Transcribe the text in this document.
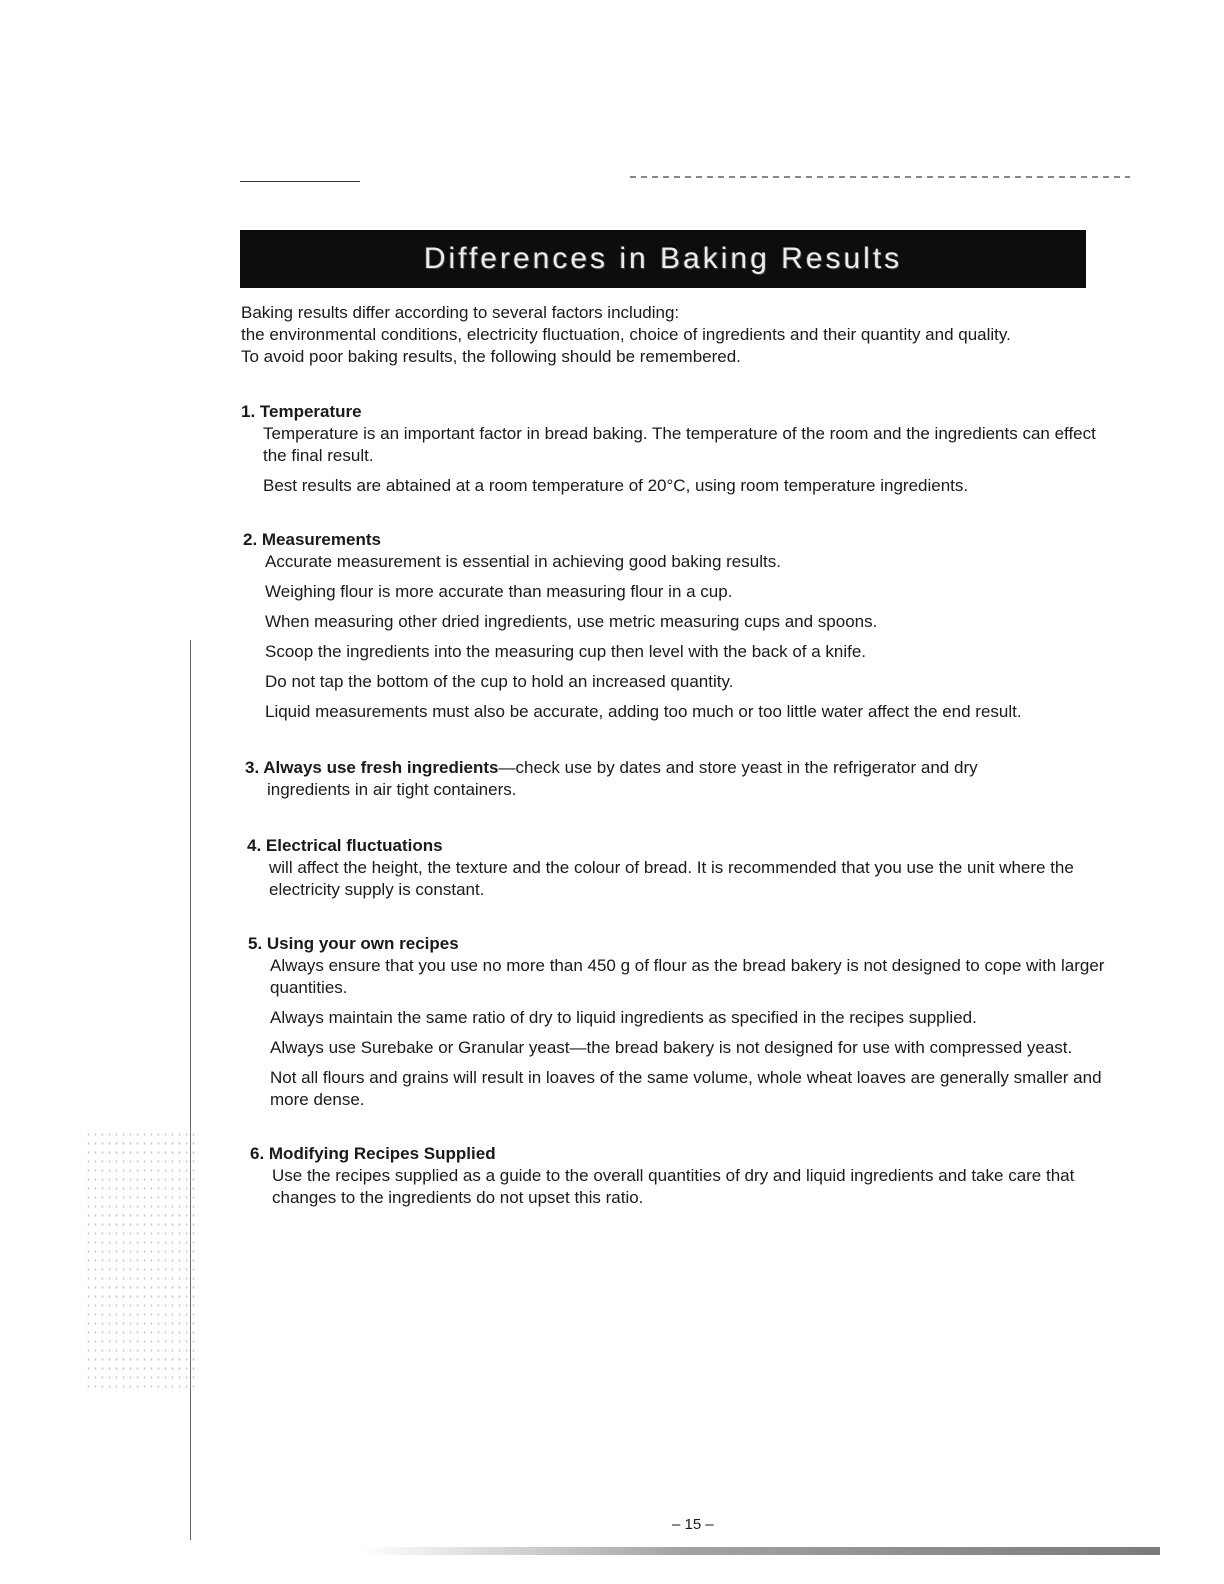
Differences in Baking Results

Baking results differ according to several factors including:

the environmental conditions, electricity fluctuation, choice of ingredients and their quantity and quality.

To avoid poor baking results, the following should be remembered.

1. Temperature

Temperature is an important factor in bread baking. The temperature of the room and the ingredients can effect the final result.

Best results are abtained at a room temperature of 20°C, using room temperature ingredients.

2. Measurements

Accurate measurement is essential in achieving good baking results.

Weighing flour is more accurate than measuring flour in a cup.

When measuring other dried ingredients, use metric measuring cups and spoons.

Scoop the ingredients into the measuring cup then level with the back of a knife.

Do not tap the bottom of the cup to hold an increased quantity.

Liquid measurements must also be accurate, adding too much or too little water affect the end result.

3. Always use fresh ingredients—check use by dates and store yeast in the refrigerator and dry

ingredients in air tight containers.

4. Electrical fluctuations

will affect the height, the texture and the colour of bread. It is recommended that you use the unit where the electricity supply is constant.

5. Using your own recipes

Always ensure that you use no more than 450 g of flour as the bread bakery is not designed to cope with larger quantities.

Always maintain the same ratio of dry to liquid ingredients as specified in the recipes supplied.

Always use Surebake or Granular yeast—the bread bakery is not designed for use with compressed yeast.

Not all flours and grains will result in loaves of the same volume, whole wheat loaves are generally smaller and more dense.

6. Modifying Recipes Supplied

Use the recipes supplied as a guide to the overall quantities of dry and liquid ingredients and take care that changes to the ingredients do not upset this ratio.

– 15 –
